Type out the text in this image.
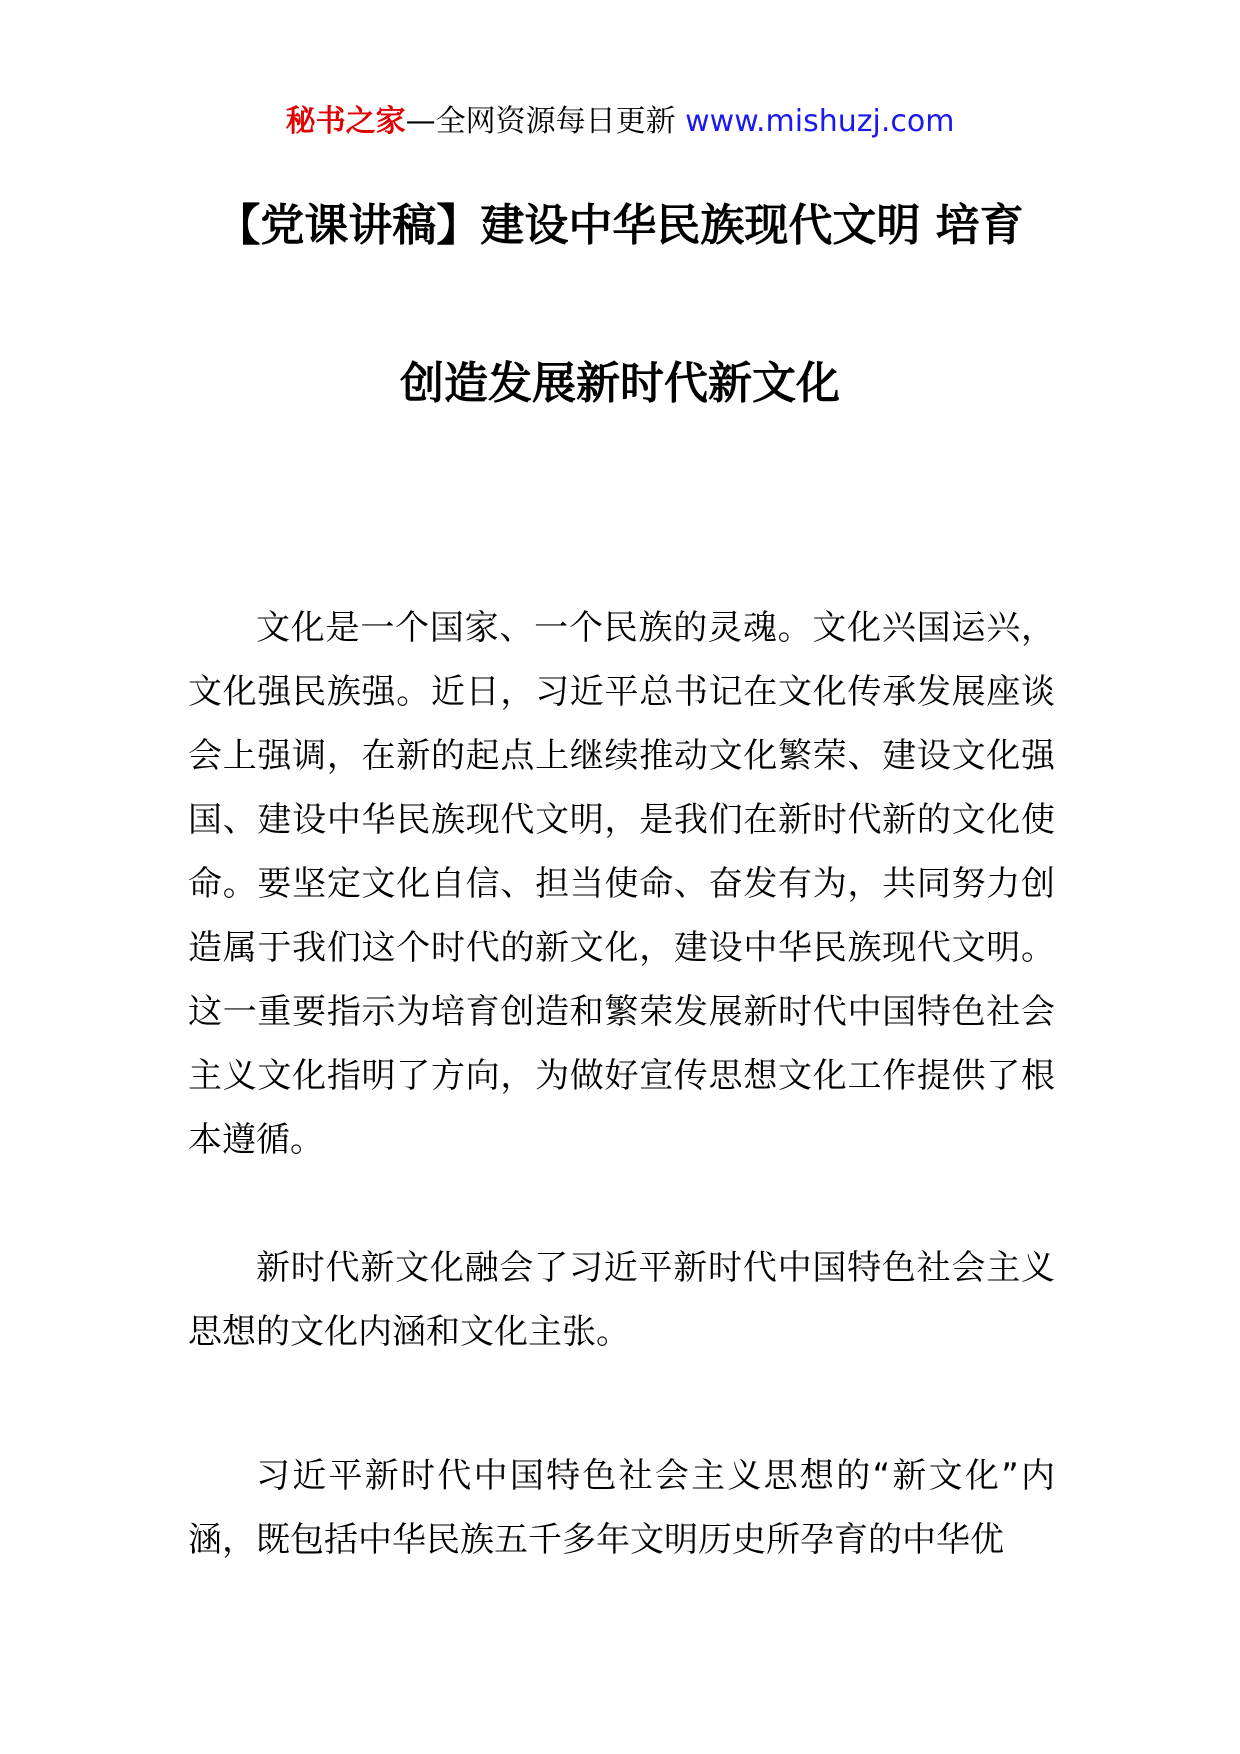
秘书之家—全网资源每日更新 www.mishuzj.com
【党课讲稿】建设中华民族现代文明 培育
创造发展新时代新文化

文化是一个国家、一个民族的灵魂。文化兴国运兴，文化强民族强。近日，习近平总书记在文化传承发展座谈会上强调，在新的起点上继续推动文化繁荣、建设文化强国、建设中华民族现代文明，是我们在新时代新的文化使命。要坚定文化自信、担当使命、奋发有为，共同努力创造属于我们这个时代的新文化，建设中华民族现代文明。这一重要指示为培育创造和繁荣发展新时代中国特色社会主义文化指明了方向，为做好宣传思想文化工作提供了根本遵循。

新时代新文化融会了习近平新时代中国特色社会主义思想的文化内涵和文化主张。

习近平新时代中国特色社会主义思想的“新文化”内涵，既包括中华民族五千多年文明历史所孕育的中华优
